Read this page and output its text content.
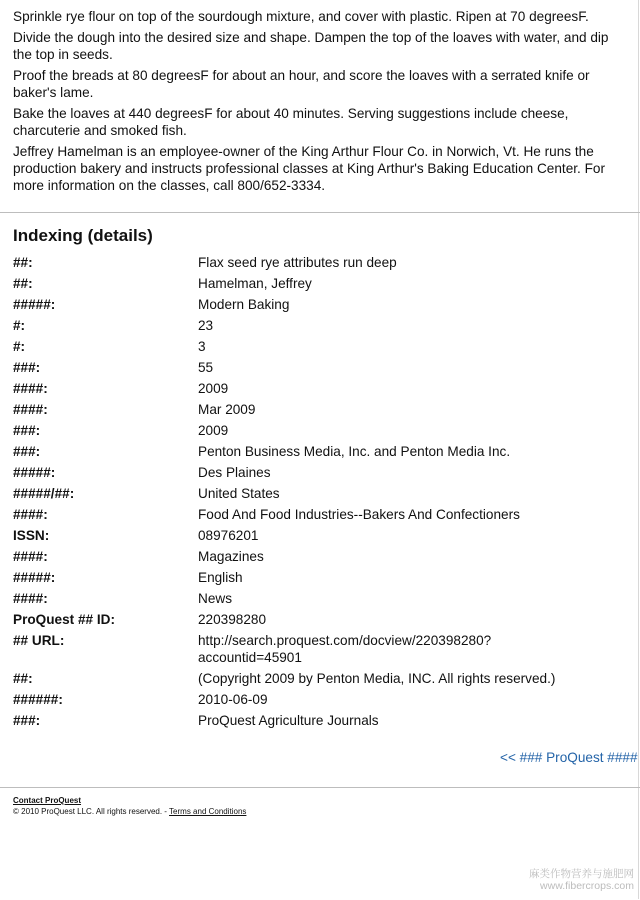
Sprinkle rye flour on top of the sourdough mixture, and cover with plastic. Ripen at 70 degreesF.

Divide the dough into the desired size and shape. Dampen the top of the loaves with water, and dip the top in seeds.

Proof the breads at 80 degreesF for about an hour, and score the loaves with a serrated knife or baker's lame.

Bake the loaves at 440 degreesF for about 40 minutes. Serving suggestions include cheese, charcuterie and smoked fish.

Jeffrey Hamelman is an employee-owner of the King Arthur Flour Co. in Norwich, Vt. He runs the production bakery and instructs professional classes at King Arthur's Baking Education Center. For more information on the classes, call 800/652-3334.

Indexing (details)
##:	Flax seed rye attributes run deep
##:	Hamelman, Jeffrey
#####:	Modern Baking
#:	23
#:	3
###:	55
####:	2009
####:	Mar 2009
###:	2009
###:	Penton Business Media, Inc. and Penton Media Inc.
#####:	Des Plaines
#####/##:	United States
####:	Food And Food Industries--Bakers And Confectioners
ISSN:	08976201
####:	Magazines
#####:	English
####:	News
ProQuest ## ID:	220398280
## URL:	http://search.proquest.com/docview/220398280?
accountid=45901
##:	(Copyright 2009 by Penton Media, INC. All rights reserved.)
######:	2010-06-09
###:	ProQuest Agriculture Journals
<< ### ProQuest ####
Contact ProQuest
© 2010 ProQuest LLC. All rights reserved. - Terms and Conditions
麻类作物营养与施肥网
www.fibercrops.com
